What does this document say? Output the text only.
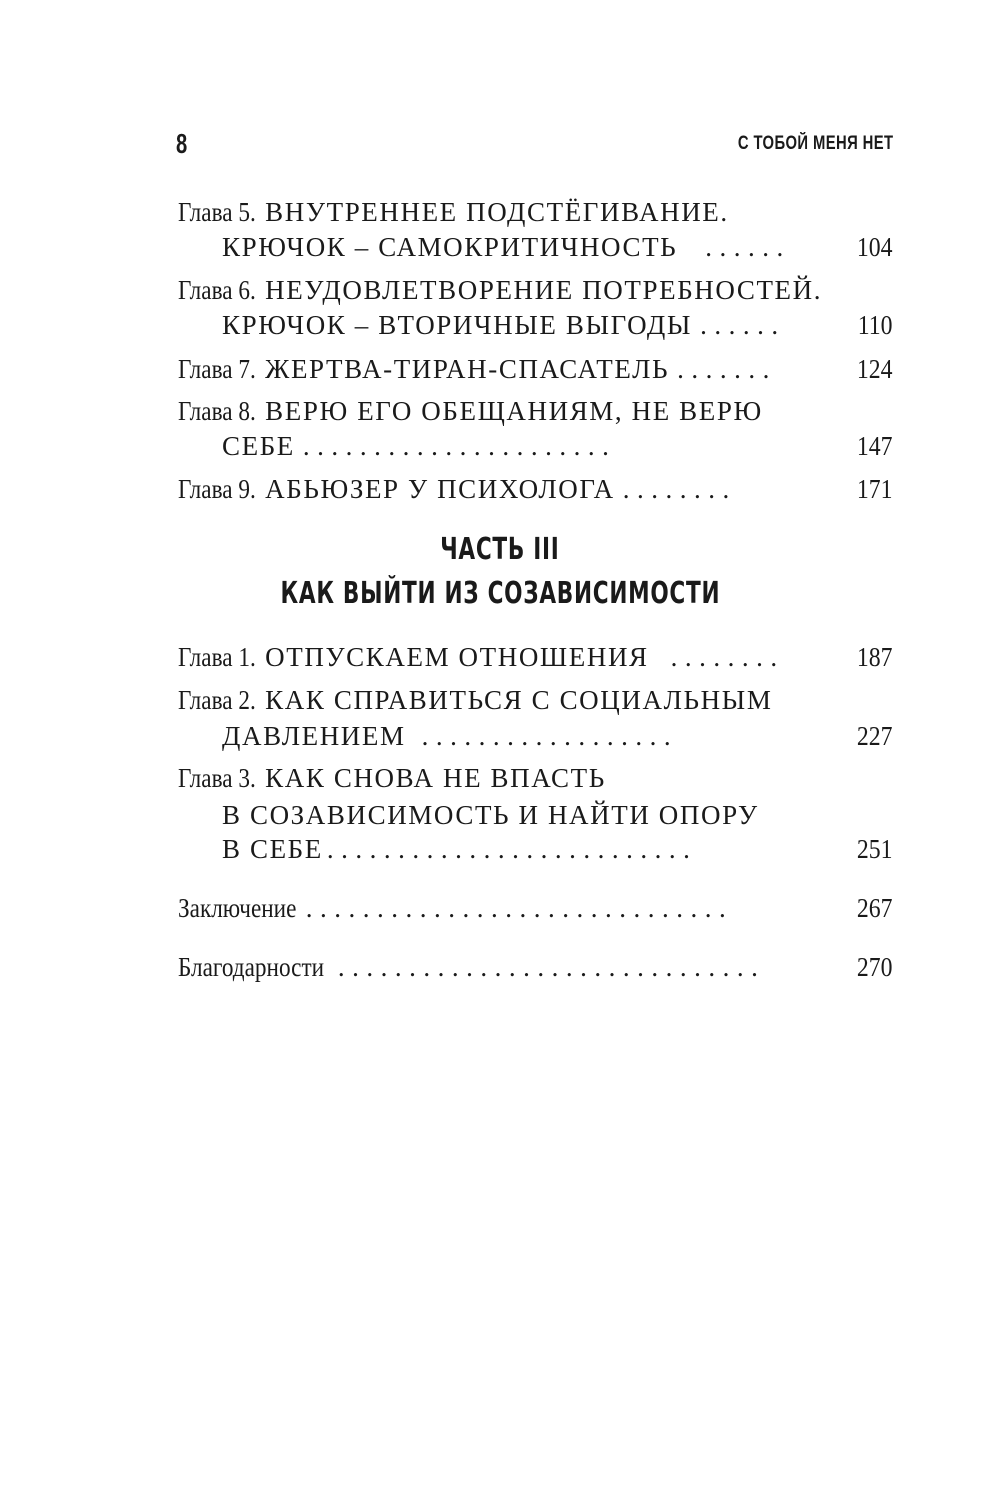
8	С ТОБОЙ МЕНЯ НЕТ
Глава 5. ВНУТРЕННЕЕ ПОДСТЁГИВАНИЕ.
КРЮЧОК – САМОКРИТИЧНОСТЬ	......	104
Глава 6. НЕУДОВЛЕТВОРЕНИЕ ПОТРЕБНОСТЕЙ.
КРЮЧОК – ВТОРИЧНЫЕ ВЫГОДЫ ......	110
Глава 7. ЖЕРТВА-ТИРАН-СПАСАТЕЛЬ .......	124
Глава 8. ВЕРЮ ЕГО ОБЕЩАНИЯМ, НЕ ВЕРЮ
СЕБЕ ......................	147
Глава 9. АБЬЮЗЕР У ПСИХОЛОГА ........	171
ЧАСТЬ III
КАК ВЫЙТИ ИЗ СОЗАВИСИМОСТИ
Глава 1. ОТПУСКАЕМ ОТНОШЕНИЯ ........	187
Глава 2. КАК СПРАВИТЬСЯ С СОЦИАЛЬНЫМ
ДАВЛЕНИЕМ ..................	227
Глава 3. КАК СНОВА НЕ ВПАСТЬ
В СОЗАВИСИМОСТЬ И НАЙТИ ОПОРУ
В СЕБЕ ..........................	251
Заключение ..............................	267
Благодарности ..............................	270
